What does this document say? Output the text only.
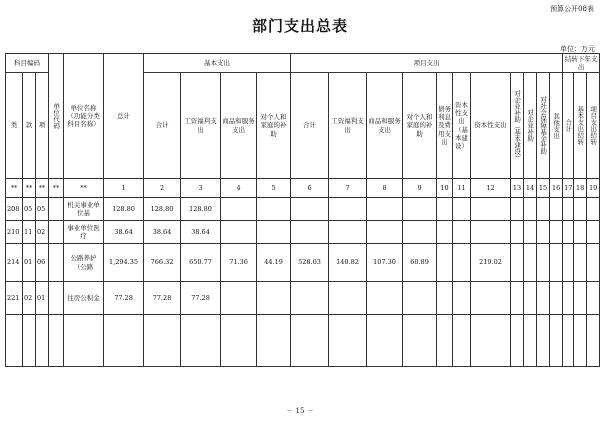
预算公开08表
部门支出总表
单位：万元
科目编码			单位代码	单位名称（功能分类科目名称）	总计	基本支出				项目支出											结转下年支出		
类	款	项				合计	工资福利支出	商品和服务支出	对个人和家庭的补助	合计	工资福利支出	商品和服务支出	对个人和家庭的补助	债务利息及费用支出	资本性支出（基本建设）	资本性支出	对企业补助（基本建设）	对企业补助	对社会保障基金补助	其他支出	合计	基本支出结转	项目支出结转
**	**	**	**	**	1	2	3	4	5	6	7	8	9	10	11	12	13	14	15	16	17	18	19
208	05	05		机关事业单位基	128.80	128.80	128.80																
210	11	02		事业单位医疗	38.64	38.64	38.64																
214	01	06		公路养护（公路	1,294.35	766.32	650.77	71.36	44.19	528.03	140.82	107.30	60.89			219.02							
221	02	01		住房公积金	77.28	77.28	77.28																

－ 15 －
